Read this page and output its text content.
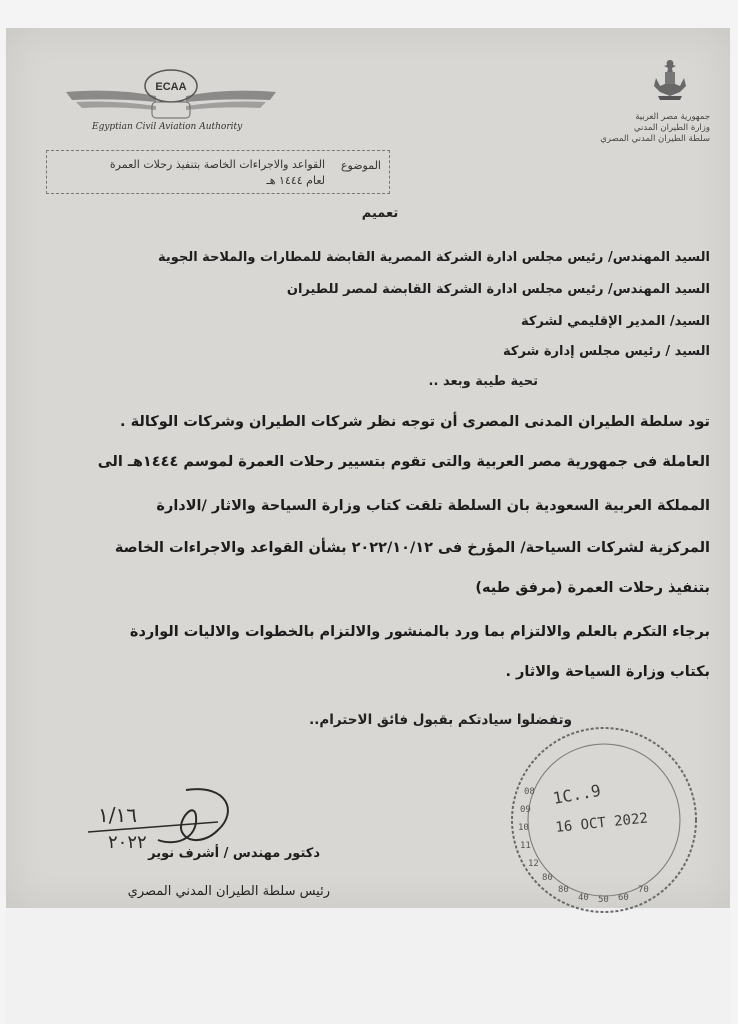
جمهورية مصر العربية
وزارة الطيران المدني
سلطة الطيران المدني المصري
ECAA
Egyptian Civil Aviation Authority
الموضوع
القواعد والاجراءات الخاصة بتنفيذ رحلات العمرة
لعام ١٤٤٤ هـ
تعميم
السيد المهندس/ رئيس مجلس ادارة الشركة المصرية القابضة للمطارات والملاحة الجوية
السيد المهندس/ رئيس مجلس ادارة الشركة القابضة لمصر للطيران
السيد/ المدير الإقليمي لشركة
السيد / رئيس مجلس إدارة شركة
تحية طيبة وبعد ..
تود سلطة الطيران المدنى المصرى أن توجه نظر شركات الطيران وشركات الوكالة .
العاملة فى جمهورية مصر العربية والتى تقوم بتسيير رحلات العمرة لموسم ١٤٤٤هـ الى
المملكة العربية السعودية بان السلطة تلقت كتاب وزارة السياحة والاثار /الادارة
المركزية لشركات السياحة/ المؤرخ فى ٢٠٢٢/١٠/١٢ بشأن القواعد والاجراءات الخاصة
بتنفيذ رحلات العمرة (مرفق طيه)
برجاء التكرم بالعلم والالتزام بما ورد بالمنشور والالتزام بالخطوات والاليات الواردة
بكتاب وزارة السياحة والاثار .
وتفضلوا سيادتكم بقبول فائق الاحترام..
١/١٦
٢٠٢٢
دكتور مهندس / أشرف نوير
رئيس سلطة الطيران المدني المصري
10
11
12
80
80
40 50 60
70
09
08 1C..9
16 OCT 2022
